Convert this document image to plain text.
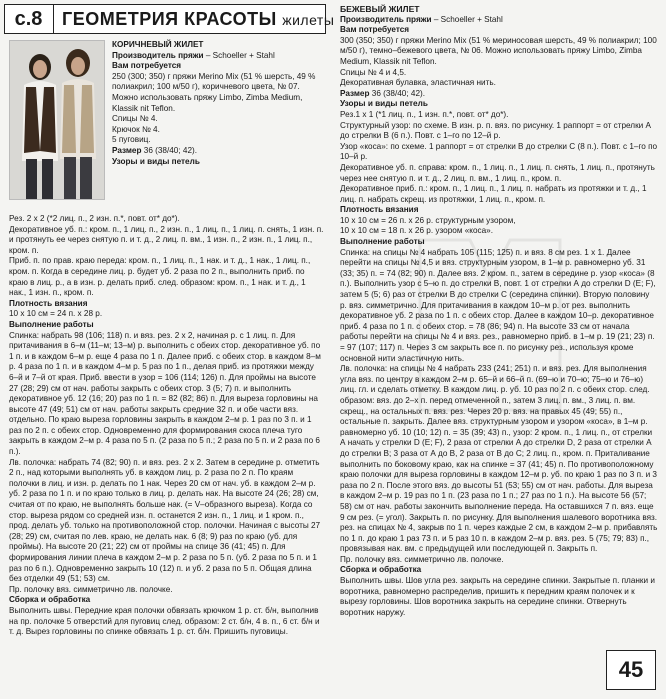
с.8	ГЕОМЕТРИЯ КРАСОТЫ жилеты

КОРИЧНЕВЫЙ ЖИЛЕТ

Производитель пряжи – Schoeller + Stahl

Вам потребуется

250 (300; 350) г пряжи Merino Mix (51 % шерсть, 49 % полиакрил; 100 м/50 г), коричневого цвета, № 07. Можно использовать пряжу Limbo, Zimba Medium, Klassik nit Teflon.

Спицы № 4.

Крючок № 4.

5 пуговиц.

Размер 36 (38/40; 42).

Узоры и виды петель

Рез. 2 х 2 (*2 лиц. п., 2 изн. п.*, повт. от* до*).

Декоративное уб. п.: кром. п., 1 лиц. п., 2 изн. п., 1 лиц. п., 1 лиц. п. снять, 1 изн. п. и протянуть ее через снятую п. и т. д., 2 лиц. п. вм., 1 изн. п., 2 изн. п., 1 лиц. п., кром. п.

Приб. п. по прав. краю переда: кром. п., 1 лиц. п., 1 нак. и т. д., 1 нак., 1 лиц. п., кром. п. Когда в середине лиц. р. будет уб. 2 раза по 2 п., выполнить приб. по краю в лиц. р., а в изн. р. делать приб. след. образом: кром. п., 1 нак. и т. д., 1 нак., 1 изн. п., кром. п.

Плотность вязания

10 х 10 см = 24 п. х 28 р.

Выполнение работы

Спинка: набрать 98 (106; 118) п. и вяз. рез. 2 х 2, начиная р. с 1 лиц. п. Для притачивания в 6–м (11–м; 13–м) р. выполнить с обеих стор. декоративное уб. по 1 п. и в каждом 6–м р. еще 4 раза по 1 п. Далее приб. с обеих стор. в каждом 8–м р. 4 раза по 1 п. и в каждом 4–м р. 5 раз по 1 п., делая приб. из протяжки между 6–й и 7–й от края. Приб. ввести в узор = 106 (114; 126) п. Для проймы на высоте 27 (28; 29) см от нач. работы закрыть с обеих стор. 3 (5; 7) п. и выполнить декоративное уб. 12 (16; 20) раз по 1 п. = 82 (82; 86) п. Для выреза горловины на высоте 47 (49; 51) см от нач. работы закрыть средние 32 п. и обе части вяз. отдельно. По краю выреза горловины закрыть в каждом 2–м р. 1 раз по 3 п. и 1 раз по 2 п. с обеих стор. Одновременно для формирования скоса плеча туго закрыть в каждом 2–м р. 4 раза по 5 п. (2 раза по 5 п.; 2 раза по 5 п. и 2 раза по 6 п.).
Лв. полочка: набрать 74 (82; 90) п. и вяз. рез. 2 х 2. Затем в середине р. отметить 2 п., над которыми выполнять уб. в каждом лиц. р. 2 раза по 2 п. По краям полочки в лиц. и изн. р. делать по 1 нак. Через 20 см от нач. уб. в каждом 2–м р. уб. 2 раза по 1 п. и по краю только в лиц. р. делать нак. На высоте 24 (26; 28) см, считая от по краю, не выполнять больше нак. (= V–образного выреза). Когда со стор. выреза рядом со средней изн. п. останется 2 изн. п., 1 лиц. и 1 кром. п., прод. делать уб. только на противоположной стор. полочки. Начиная с высоты 27 (28; 29) см, считая по лев. краю, не делать нак. 6 (8; 9) раз по краю (уб. для проймы). На высоте 20 (21; 22) см от проймы на спице 36 (41; 45) п. Для формирования линии плеча в каждом 2–м р. 2 раза по 5 п. (уб. 2 раза по 5 п. и 1 раз по 6 п.). Одновременно закрыть 10 (12) п. и уб. 2 раза по 5 п. Общая длина без отделки 49 (51; 53) см.
Пр. полочку вяз. симметрично лв. полочке.

Сборка и обработка

Выполнить швы. Передние края полочки обвязать крючком 1 р. ст. б/н, выполнив на пр. полочке 5 отверстий для пуговиц след. образом: 2 ст. б/н, 4 в. п., 6 ст. б/н и т. д. Вырез горловины по спинке обвязать 1 р. ст. б/н. Пришить пуговицы.

БЕЖЕВЫЙ ЖИЛЕТ

Производитель пряжи – Schoeller + Stahl

Вам потребуется

300 (350; 350) г пряжи Merino Mix (51 % мериносовая шерсть, 49 % полиакрил; 100 м/50 г), темно–бежевого цвета, № 06. Можно использовать пряжу Limbo, Zimba Medium, Klassik nit Teflon.

Спицы № 4 и 4,5.

Декоративная булавка, эластичная нить.

Размер 36 (38/40; 42).

Узоры и виды петель

Рез.1 х 1 (*1 лиц. п., 1 изн. п.*, повт. от* до*).

Структурный узор: по схеме. В изн. р. п. вяз. по рисунку. 1 раппорт = от стрелки А до стрелки В (6 п.). Повт. с 1–го по 12–й р.

Узор «коса»: по схеме. 1 раппорт = от стрелки В до стрелки С (8 п.). Повт. с 1–го по 10–й р.

Декоративное уб. п. справа: кром. п., 1 лиц. п., 1 лиц. п. снять, 1 лиц. п., протянуть через нее снятую п. и т. д., 2 лиц. п. вм., 1 лиц. п., кром. п.

Декоративное приб. п.: кром. п., 1 лиц. п., 1 лиц. п. набрать из протяжки и т. д., 1 лиц. п. набрать скрещ. из протяжки, 1 лиц. п., кром. п.

Плотность вязания

10 х 10 см = 26 п. х 26 р. структурным узором,

10 х 10 см = 18 п. х 26 р. узором «коса».

Выполнение работы

Спинка: на спицы № 4 набрать 105 (115; 125) п. и вяз. 8 см рез. 1 х 1. Далее перейти на спицы № 4,5 и вяз. структурным узором, в 1–м р. равномерно уб. 31 (33; 35) п. = 74 (82; 90) п. Далее вяз. 2 кром. п., затем в середине р. узор «коса» (8 п.). Выполнить узор с 5–ю п. до стрелки В, повт. 1 от стрелки А до стрелки D (E; F), затем 5 (5; 6) раз от стрелки В до стрелки С (середина спинки). Вторую половину р. вяз. симметрично. Для притачивания в каждом 10–м р. от рез. выполнить декоративное уб. 2 раза по 1 п. с обеих стор. Далее в каждом 10–р. декоративное приб. 4 раза по 1 п. с обеих стор. = 78 (86; 94) п. На высоте 33 см от начала работы перейти на спицы № 4 и вяз. рез., равномерно приб. в 1–м р. 19 (21; 23) п. = 97 (107; 117) п. Через 3 см закрыть все п. по рисунку рез., используя кроме основной нити эластичную нить.
Лв. полочка: на спицы № 4 набрать 233 (241; 251) п. и вяз. рез. Для выполнения угла вяз. по центру в каждом 2–м р. 65–й и 66–й п. (69–ю и 70–ю; 75–ю и 76–ю) лиц. гл. и сделать отметку. В каждом лиц. р. уб. 10 раз по 2 п. с обеих стор. след. образом: вяз. до 2–х п. перед отмеченной п., затем 3 лиц. п. вм., 3 лиц. п. вм. скрещ., на остальных п. вяз. рез. Через 20 р. вяз. на правых 45 (49; 55) п., остальные п. закрыть. Далее вяз. структурным узором и узором «коса», в 1–м р. равномерно уб. 10 (10; 12) п. = 35 (39; 43) п., узор: 2 кром. п., 1 лиц. п., от стрелки А начать у стрелки D (E; F), 2 раза от стрелки А до стрелки D, 2 раза от стрелки А до стрелки В; 3 раза от А до В, 2 раза от В до С; 2 лиц. п., кром. п. Приталивание выполнить по боковому краю, как на спинке = 37 (41; 45) п. По противоположному краю полочки для выреза горловины в каждом 12–м р. уб. по краю 1 раз по 3 п. и 3 раза по 2 п. После этого вяз. до высоты 51 (53; 55) см от нач. работы. Для выреза в каждом 2–м р. 19 раз по 1 п. (23 раза по 1 п.; 27 раз по 1 п.). На высоте 56 (57; 58) см от нач. работы закончить выполнение переда. На оставшихся 7 п. вяз. еще 9 см рез. (= угол). Закрыть п. по рисунку. Для выполнения шалевого воротника вяз. рез. на спицах № 4, закрыв по 1 п. через каждые 2 см, в каждом 2–м р. прибавлять по 1 п. до краю 1 раз 73 п. и 5 раз 10 п. в каждом 2–м р. вяз. рез. 5 (75; 79; 83) п., провязывая нак. вм. с предыдущей или последующей п. Закрыть п.
Пр. полочку вяз. симметрично лв. полочке.

Сборка и обработка

Выполнить швы. Шов угла рез. закрыть на середине спинки. Закрытые п. планки и воротника, равномерно распределив, пришить к передним краям полочек и к вырезу горловины. Шов воротника закрыть на середине спинки. Отвернуть воротник наружу.

45
